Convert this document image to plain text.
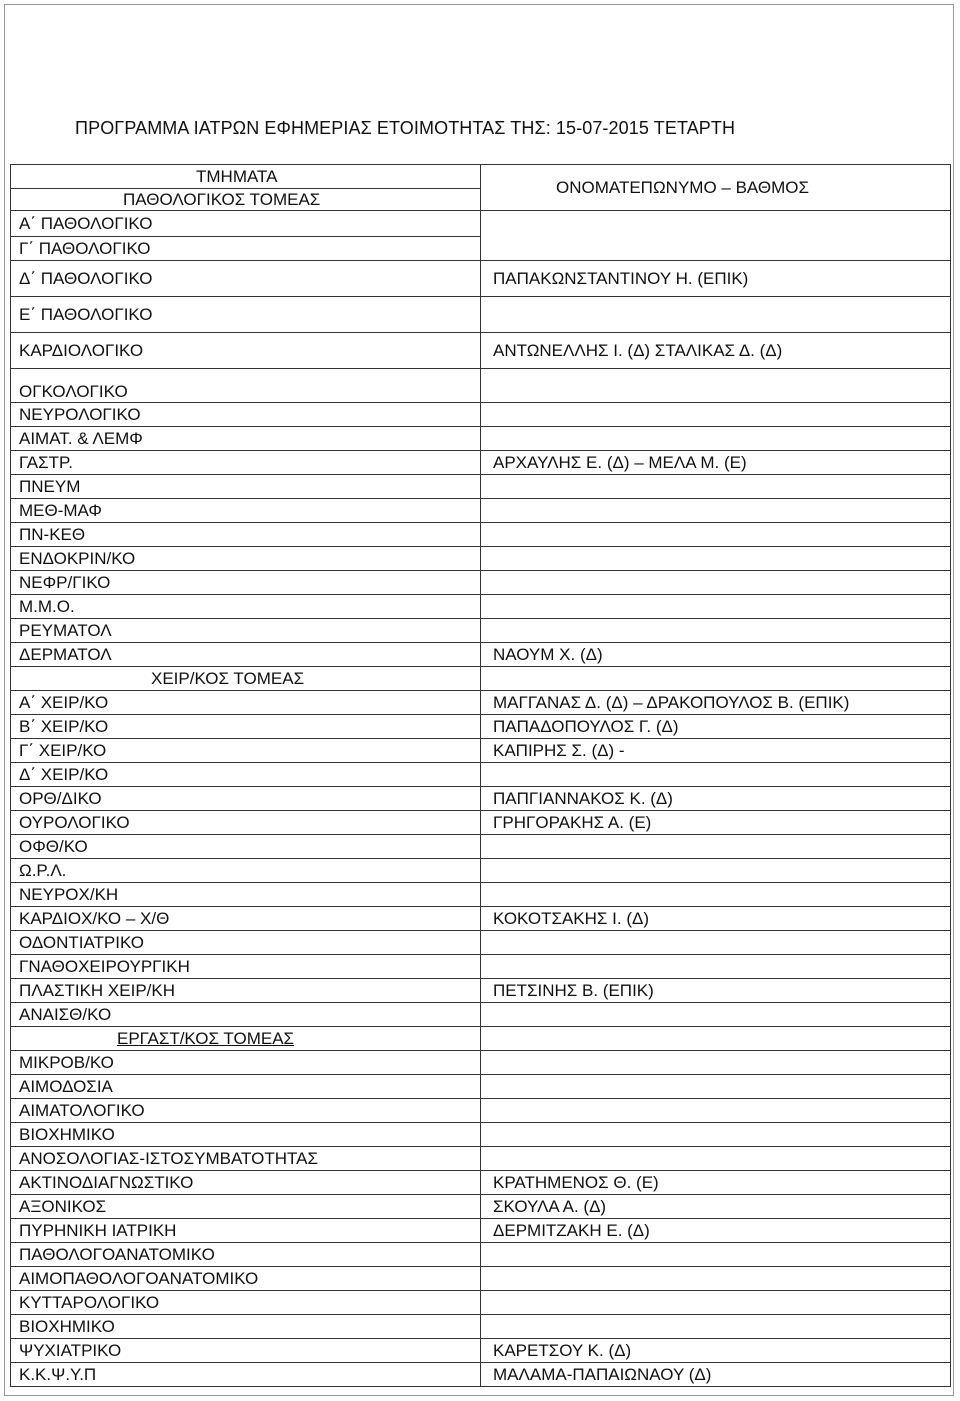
ΠΡΟΓΡΑΜΜΑ ΙΑΤΡΩΝ ΕΦΗΜΕΡΙΑΣ ΕΤΟΙΜΟΤΗΤΑΣ ΤΗΣ: 15-07-2015 ΤΕΤΑΡΤΗ
ΤΜΗΜΑΤΑ	ΟΝΟΜΑΤΕΠΩΝΥΜΟ – ΒΑΘΜΟΣ
ΠΑΘΟΛΟΓΙΚΟΣ ΤΟΜΕΑΣ	
Α΄ ΠΑΘΟΛΟΓΙΚΟ	
Γ΄ ΠΑΘΟΛΟΓΙΚΟ	
Δ΄ ΠΑΘΟΛΟΓΙΚΟ	ΠΑΠΑΚΩΝΣΤΑΝΤΙΝΟΥ Η. (ΕΠΙΚ)
Ε΄ ΠΑΘΟΛΟΓΙΚΟ	
ΚΑΡΔΙΟΛΟΓΙΚΟ	ΑΝΤΩΝΕΛΛΗΣ Ι. (Δ) ΣΤΑΛΙΚΑΣ Δ. (Δ)
ΟΓΚΟΛΟΓΙΚΟ	
ΝΕΥΡΟΛΟΓΙΚΟ	
ΑΙΜΑΤ. & ΛΕΜΦ	
ΓΑΣΤΡ.	ΑΡΧΑΥΛΗΣ Ε. (Δ) – ΜΕΛΑ Μ. (Ε)
ΠΝΕΥΜ	
ΜΕΘ-ΜΑΦ	
ΠΝ-ΚΕΘ	
ΕΝΔΟΚΡΙΝ/ΚΟ	
ΝΕΦΡ/ΓΙΚΟ	
Μ.Μ.Ο.	
ΡΕΥΜΑΤΟΛ	
ΔΕΡΜΑΤΟΛ	ΝΑΟΥΜ Χ. (Δ)
ΧΕΙΡ/ΚΟΣ ΤΟΜΕΑΣ	
Α΄ ΧΕΙΡ/ΚΟ	ΜΑΓΓΑΝΑΣ Δ. (Δ) – ΔΡΑΚΟΠΟΥΛΟΣ Β. (ΕΠΙΚ)
Β΄ ΧΕΙΡ/ΚΟ	ΠΑΠΑΔΟΠΟΥΛΟΣ Γ. (Δ)
Γ΄ ΧΕΙΡ/ΚΟ	ΚΑΠΙΡΗΣ Σ. (Δ) -
Δ΄ ΧΕΙΡ/ΚΟ	
ΟΡΘ/ΔΙΚΟ	ΠΑΠΓΙΑΝΝΑΚΟΣ Κ. (Δ)
ΟΥΡΟΛΟΓΙΚΟ	ΓΡΗΓΟΡΑΚΗΣ Α. (Ε)
ΟΦΘ/ΚΟ	
Ω.Ρ.Λ.	
ΝΕΥΡΟΧ/ΚΗ	
ΚΑΡΔΙΟΧ/ΚΟ – Χ/Θ	ΚΟΚΟΤΣΑΚΗΣ Ι. (Δ)
ΟΔΟΝΤΙΑΤΡΙΚΟ	
ΓΝΑΘΟΧΕΙΡΟΥΡΓΙΚΗ	
ΠΛΑΣΤΙΚΗ ΧΕΙΡ/ΚΗ	ΠΕΤΣΙΝΗΣ Β. (ΕΠΙΚ)
ΑΝΑΙΣΘ/ΚΟ	
ΕΡΓΑΣΤ/ΚΟΣ ΤΟΜΕΑΣ	
ΜΙΚΡΟΒ/ΚΟ	
ΑΙΜΟΔΟΣΙΑ	
ΑΙΜΑΤΟΛΟΓΙΚΟ	
ΒΙΟΧΗΜΙΚΟ	
ΑΝΟΣΟΛΟΓΙΑΣ-ΙΣΤΟΣΥΜΒΑΤΟΤΗΤΑΣ	
ΑΚΤΙΝΟΔΙΑΓΝΩΣΤΙΚΟ	ΚΡΑΤΗΜΕΝΟΣ Θ. (Ε)
ΑΞΟΝΙΚΟΣ	ΣΚΟΥΛΑ Α. (Δ)
ΠΥΡΗΝΙΚΗ ΙΑΤΡΙΚΗ	ΔΕΡΜΙΤΖΑΚΗ Ε. (Δ)
ΠΑΘΟΛΟΓΟΑΝΑΤΟΜΙΚΟ	
ΑΙΜΟΠΑΘΟΛΟΓΟΑΝΑΤΟΜΙΚΟ	
ΚΥΤΤΑΡΟΛΟΓΙΚΟ	
ΒΙΟΧΗΜΙΚΟ	
ΨΥΧΙΑΤΡΙΚΟ	ΚΑΡΕΤΣΟΥ Κ. (Δ)
Κ.Κ.Ψ.Υ.Π	ΜΑΛΑΜΑ-ΠΑΠΑΙΩΝΑΟΥ (Δ)
